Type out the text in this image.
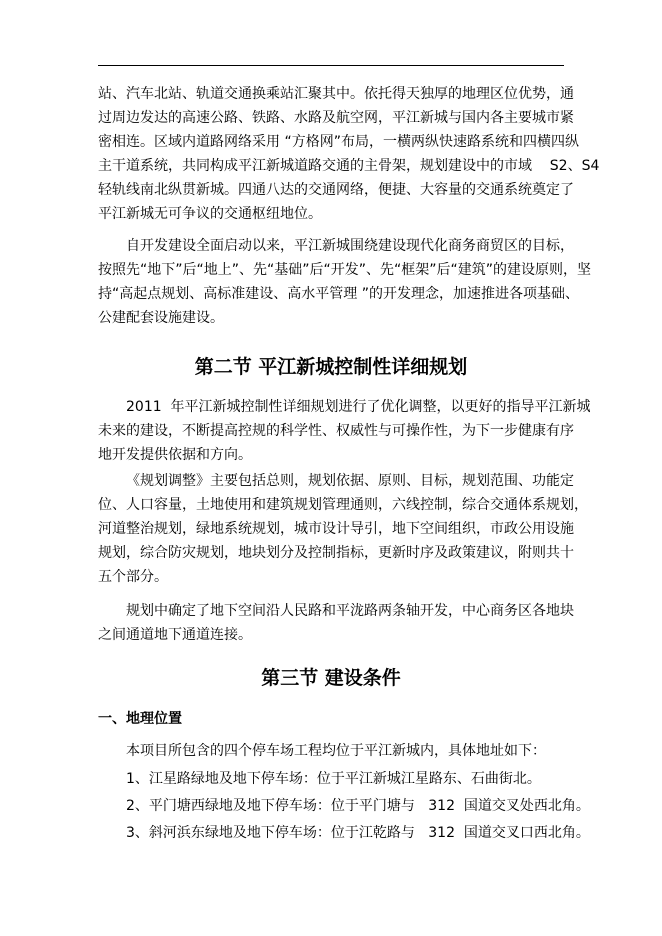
站、汽车北站、轨道交通换乘站汇聚其中。依托得天独厚的地理区位优势，通
过周边发达的高速公路、铁路、水路及航空网，平江新城与国内各主要城市紧
密相连。区域内道路网络采用 “方格网”布局，一横两纵快速路系统和四横四纵
主干道系统，共同构成平江新城道路交通的主骨架，规划建设中的市域    S2、S4
轻轨线南北纵贯新城。四通八达的交通网络，便捷、大容量的交通系统奠定了
平江新城无可争议的交通枢纽地位。
自开发建设全面启动以来，平江新城围绕建设现代化商务商贸区的目标，
按照先“地下”后“地上”、先“基础”后“开发”、先“框架”后“建筑”的建设原则，坚
持“高起点规划、高标准建设、高水平管理 ”的开发理念，加速推进各项基础、
公建配套设施建设。
第二节 平江新城控制性详细规划
2011  年平江新城控制性详细规划进行了优化调整，以更好的指导平江新城
未来的建设，不断提高控规的科学性、权威性与可操作性，为下一步健康有序
地开发提供依据和方向。
《规划调整》主要包括总则，规划依据、原则、目标，规划范围、功能定
位、人口容量，土地使用和建筑规划管理通则，六线控制，综合交通体系规划，
河道整治规划，绿地系统规划，城市设计导引，地下空间组织，市政公用设施
规划，综合防灾规划，地块划分及控制指标，更新时序及政策建议，附则共十
五个部分。
规划中确定了地下空间沿人民路和平泷路两条轴开发，中心商务区各地块
之间通道地下通道连接。
第三节 建设条件
一、地理位置
本项目所包含的四个停车场工程均位于平江新城内，具体地址如下：
1、江星路绿地及地下停车场：位于平江新城江星路东、石曲街北。
2、平门塘西绿地及地下停车场：位于平门塘与   312  国道交叉处西北角。
3、斜河浜东绿地及地下停车场：位于江乾路与   312  国道交叉口西北角。
